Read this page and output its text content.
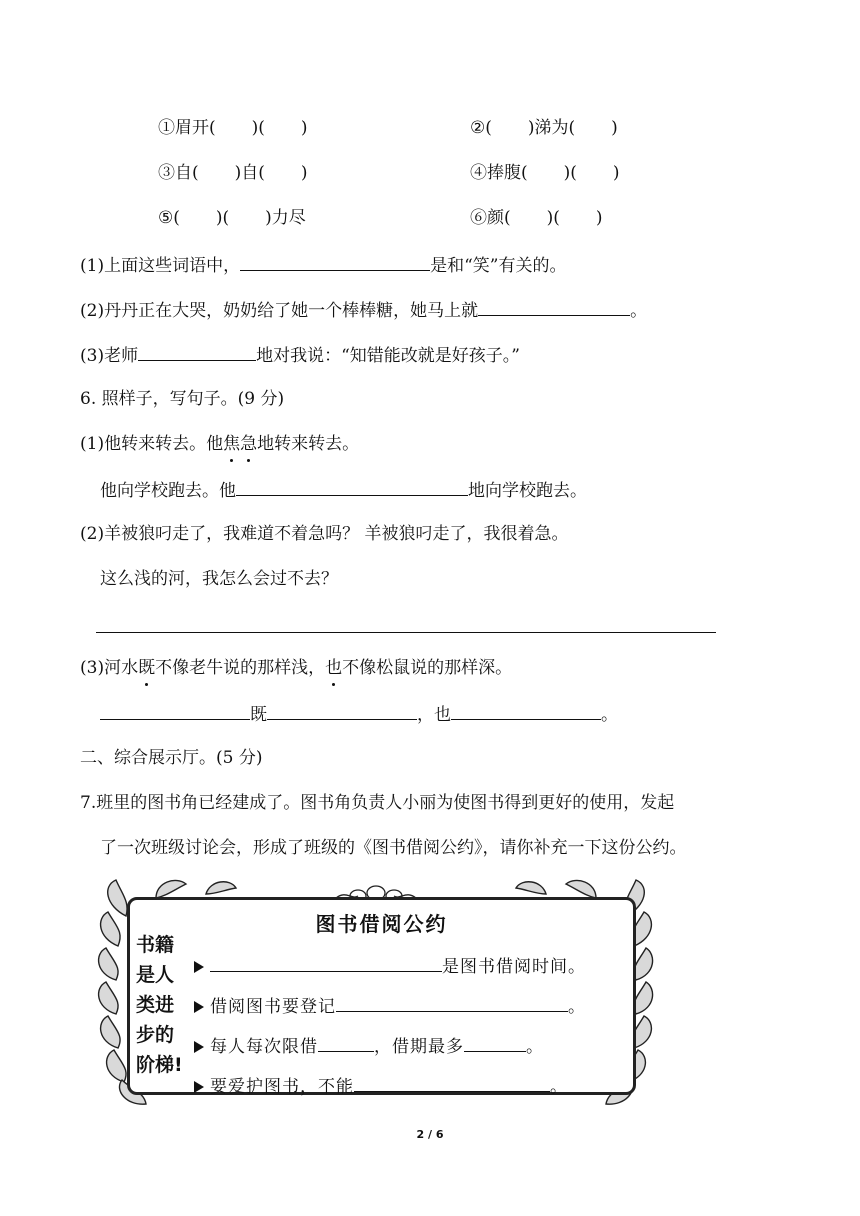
①眉开( )( )	②( )涕为( )
③自( )自( )	④捧腹( )( )
⑤( )( )力尽	⑥颜( )( )
(1)上面这些词语中，	是和“笑”有关的。
(2)丹丹正在大哭，奶奶给了她一个棒棒糖，她马上就	。
(3)老师	地对我说：“知错能改就是好孩子。”
6. 照样子，写句子。(9 分)
(1)他转来转去。他焦急地转来转去。
他向学校跑去。他	地向学校跑去。
(2)羊被狼叼走了，我难道不着急吗？ 羊被狼叼走了，我很着急。
这么浅的河，我怎么会过不去？
(3)河水既不像老牛说的那样浅，也不像松鼠说的那样深。
既	，也	。
二、综合展示厅。(5 分)
7.班里的图书角已经建成了。图书角负责人小丽为使图书得到更好的使用，发起
了一次班级讨论会，形成了班级的《图书借阅公约》，请你补充一下这份公约。
图书借阅公约
书籍
是人
类进
步的
阶梯!
是图书借阅时间。
借阅图书要登记	。
每人每次限借	，借期最多	。
要爱护图书，不能	。
2 / 6
